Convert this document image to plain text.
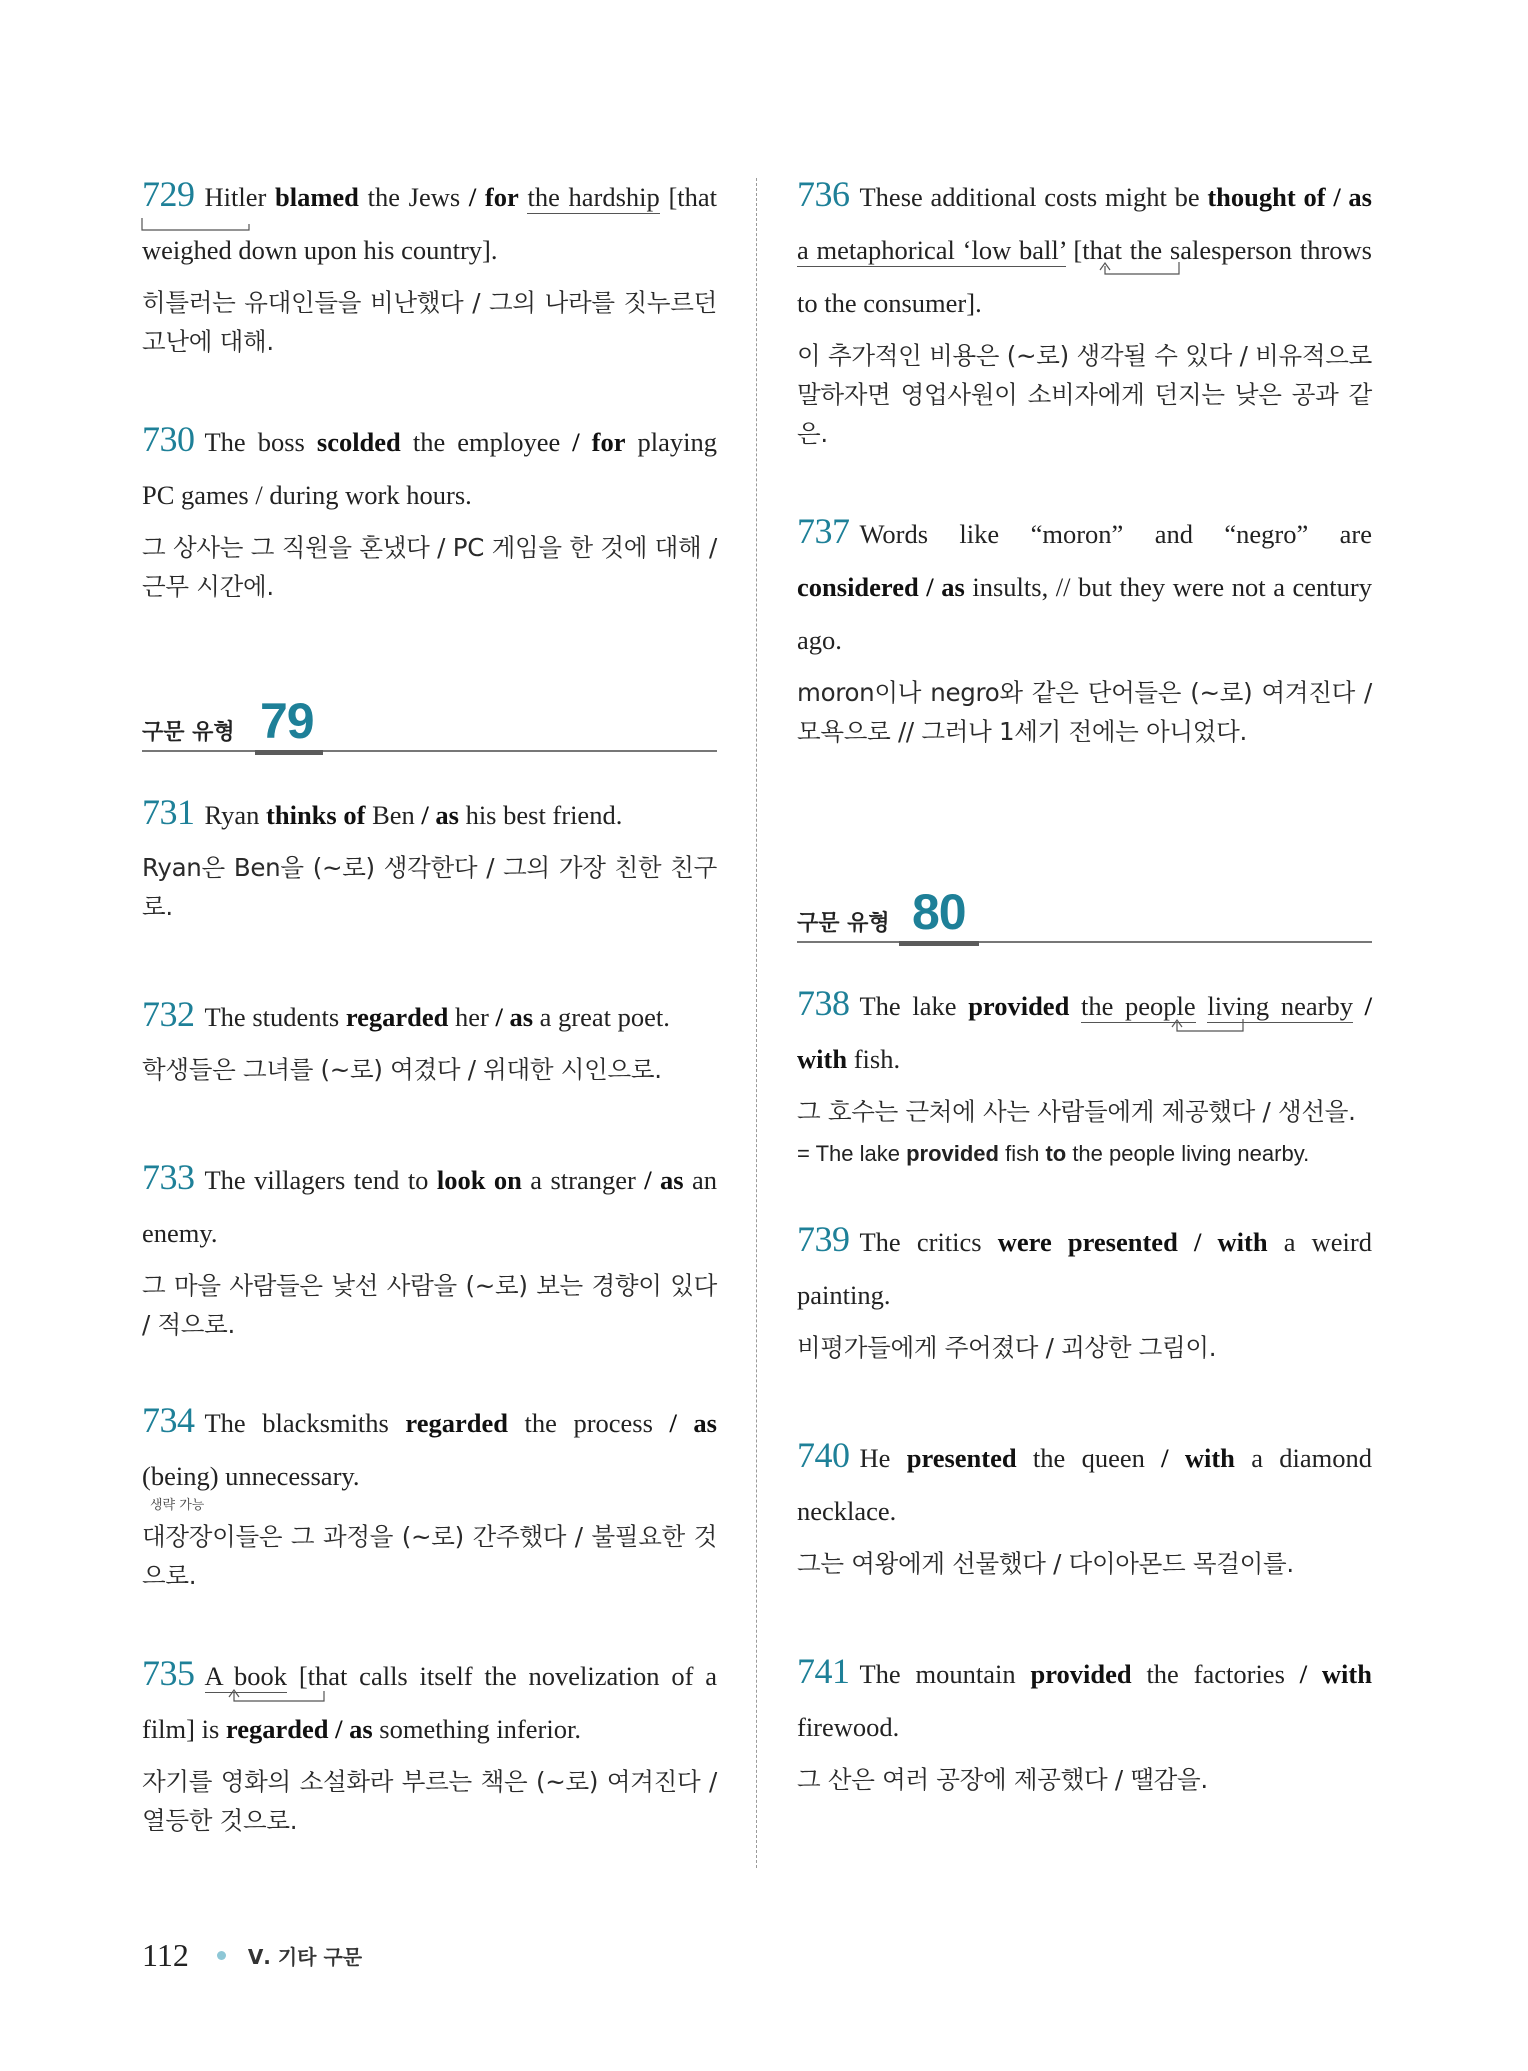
729 Hitler blamed the Jews / for the hardship [that weighed down upon his country].

히틀러는 유대인들을 비난했다 / 그의 나라를 짓누르던 고난에 대해.

730 The boss scolded the employee / for playing PC games / during work hours.

그 상사는 그 직원을 혼냈다 / PC 게임을 한 것에 대해 / 근무 시간에.

구문 유형 79

731 Ryan thinks of Ben / as his best friend.

Ryan은 Ben을 (~로) 생각한다 / 그의 가장 친한 친구로.

732 The students regarded her / as a great poet.

학생들은 그녀를 (~로) 여겼다 / 위대한 시인으로.

733 The villagers tend to look on a stranger / as an enemy.

그 마을 사람들은 낯선 사람을 (~로) 보는 경향이 있다 / 적으로.

734 The blacksmiths regarded the process / as (being) unnecessary.

생략 가능

대장장이들은 그 과정을 (~로) 간주했다 / 불필요한 것으로.

735 A book [that calls itself the novelization of a film] is regarded / as something inferior.

자기를 영화의 소설화라 부르는 책은 (~로) 여겨진다 / 열등한 것으로.

736 These additional costs might be thought of / as a metaphorical ‘low ball’ [that the salesperson throws to the consumer].

이 추가적인 비용은 (~로) 생각될 수 있다 / 비유적으로 말하자면 영업사원이 소비자에게 던지는 낮은 공과 같은.

737 Words like “moron” and “negro” are considered / as insults, // but they were not a century ago.

moron이나 negro와 같은 단어들은 (~로) 여겨진다 / 모욕으로 // 그러나 1세기 전에는 아니었다.

구문 유형 80

738 The lake provided the people living nearby / with fish.

그 호수는 근처에 사는 사람들에게 제공했다 / 생선을.

= The lake provided fish to the people living nearby.

739 The critics were presented / with a weird painting.

비평가들에게 주어졌다 / 괴상한 그림이.

740 He presented the queen / with a diamond necklace.

그는 여왕에게 선물했다 / 다이아몬드 목걸이를.

741 The mountain provided the factories / with firewood.

그 산은 여러 공장에 제공했다 / 땔감을.

112	Ⅴ. 기타 구문
